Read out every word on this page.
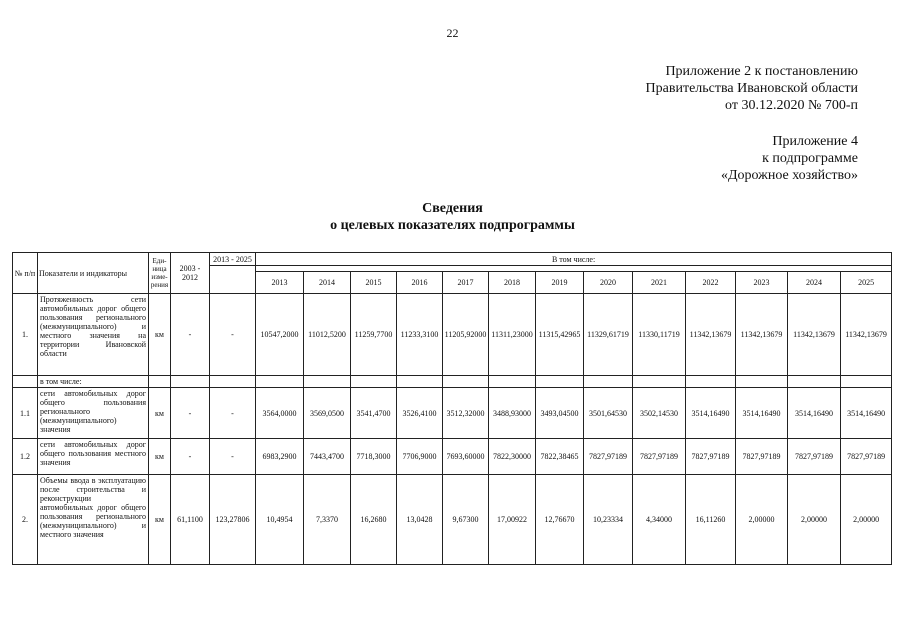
22
Приложение 2 к постановлению
Правительства Ивановской области
от 30.12.2020 № 700-п
Приложение 4
к подпрограмме
«Дорожное хозяйство»
Сведения
о целевых показателях подпрограммы
№ п/п	Показатели и индикаторы	Еди-ница изме-рения	2003 - 2012	2013 - 2025	В том числе:												

					2013	2014	2015	2016	2017	2018	2019	2020	2021	2022	2023	2024	2025
1.	Протяженность сети автомобильных дорог общего пользования регионального (межмуниципального) и местного значения на территории Ивановской области	км	-	-	10547,2000	11012,5200	11259,7700	11233,3100	11205,92000	11311,23000	11315,42965	11329,61719	11330,11719	11342,13679	11342,13679	11342,13679	11342,13679
	в том числе:																
1.1	сети автомобильных дорог общего пользования регионального (межмуниципального) значения	км	-	-	3564,0000	3569,0500	3541,4700	3526,4100	3512,32000	3488,93000	3493,04500	3501,64530	3502,14530	3514,16490	3514,16490	3514,16490	3514,16490
1.2	сети автомобильных дорог общего пользования местного значения	км	-	-	6983,2900	7443,4700	7718,3000	7706,9000	7693,60000	7822,30000	7822,38465	7827,97189	7827,97189	7827,97189	7827,97189	7827,97189	7827,97189
2.	Объемы ввода в эксплуатацию после строительства и реконструкции автомобильных дорог общего пользования регионального (межмуниципального) и местного значения	км	61,1100	123,27806	10,4954	7,3370	16,2680	13,0428	9,67300	17,00922	12,76670	10,23334	4,34000	16,11260	2,00000	2,00000	2,00000
